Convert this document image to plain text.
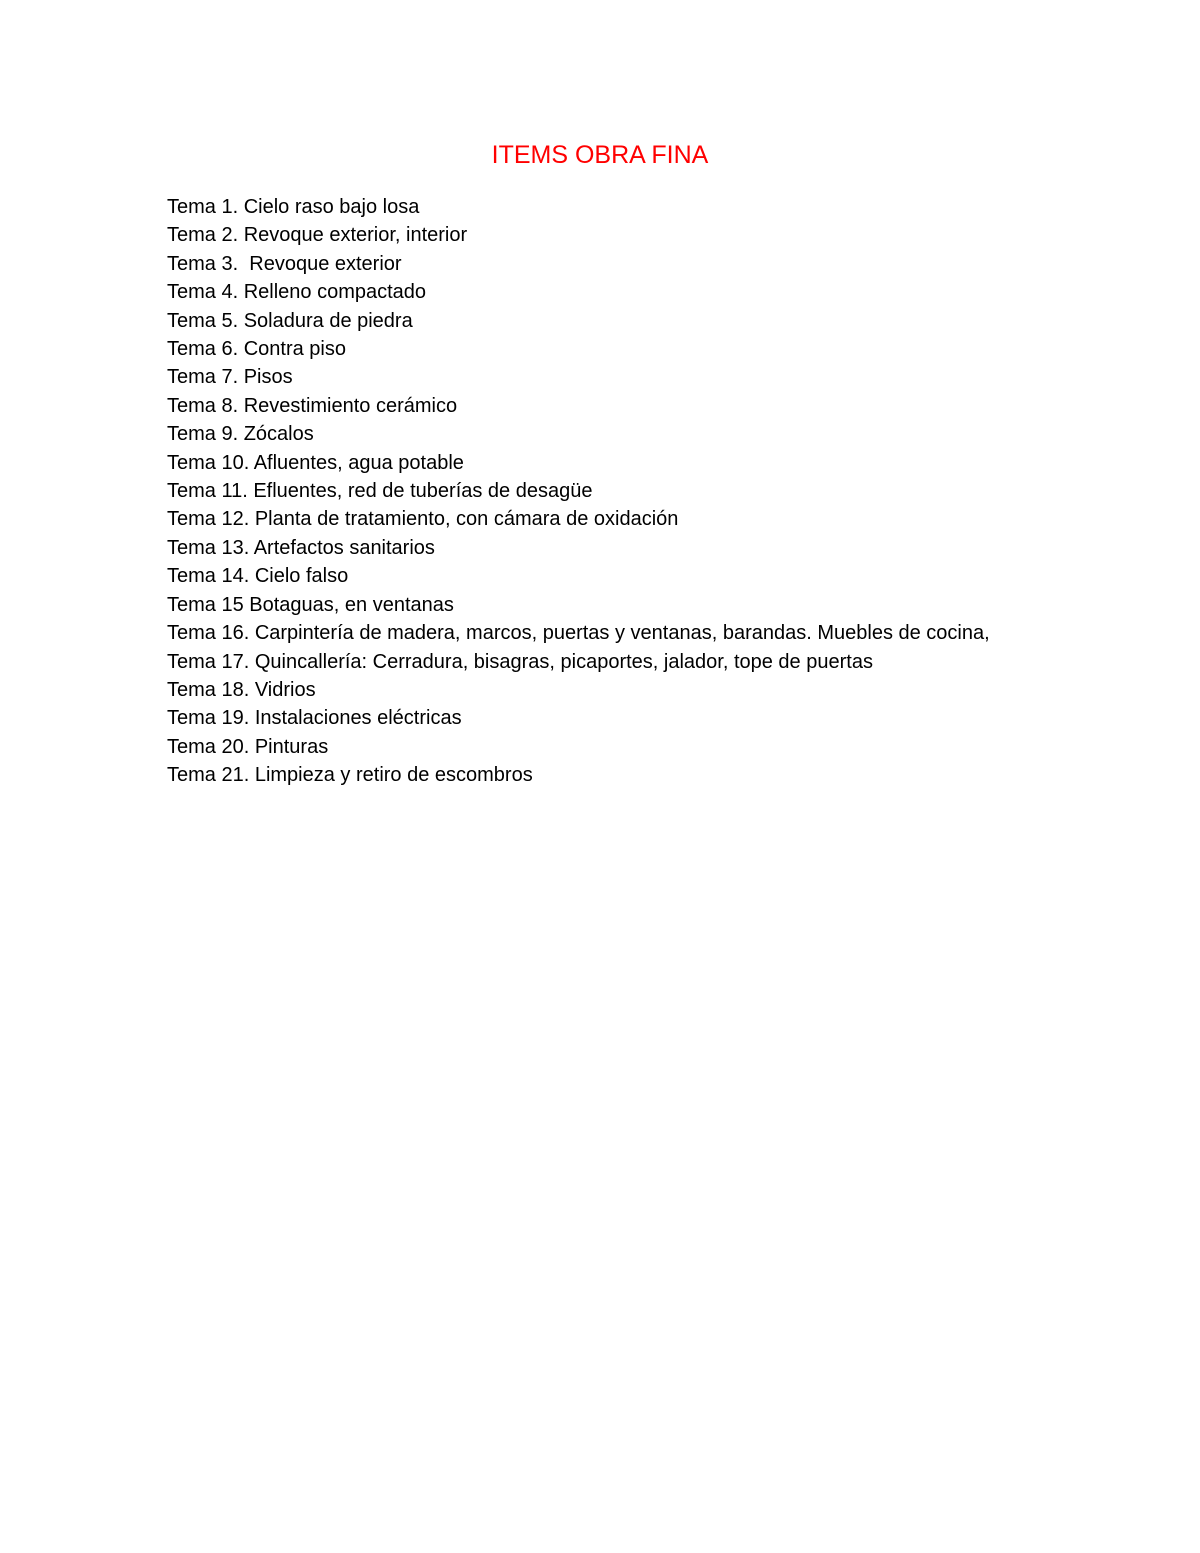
ITEMS OBRA FINA
Tema 1. Cielo raso bajo losa
Tema 2. Revoque exterior, interior
Tema 3.  Revoque exterior
Tema 4. Relleno compactado
Tema 5. Soladura de piedra
Tema 6. Contra piso
Tema 7. Pisos
Tema 8. Revestimiento cerámico
Tema 9. Zócalos
Tema 10. Afluentes, agua potable
Tema 11. Efluentes, red de tuberías de desagüe
Tema 12. Planta de tratamiento, con cámara de oxidación
Tema 13. Artefactos sanitarios
Tema 14. Cielo falso
Tema 15 Botaguas, en ventanas
Tema 16. Carpintería de madera, marcos, puertas y ventanas, barandas. Muebles de cocina,
Tema 17. Quincallería: Cerradura, bisagras, picaportes, jalador, tope de puertas
Tema 18. Vidrios
Tema 19. Instalaciones eléctricas
Tema 20. Pinturas
Tema 21. Limpieza y retiro de escombros
